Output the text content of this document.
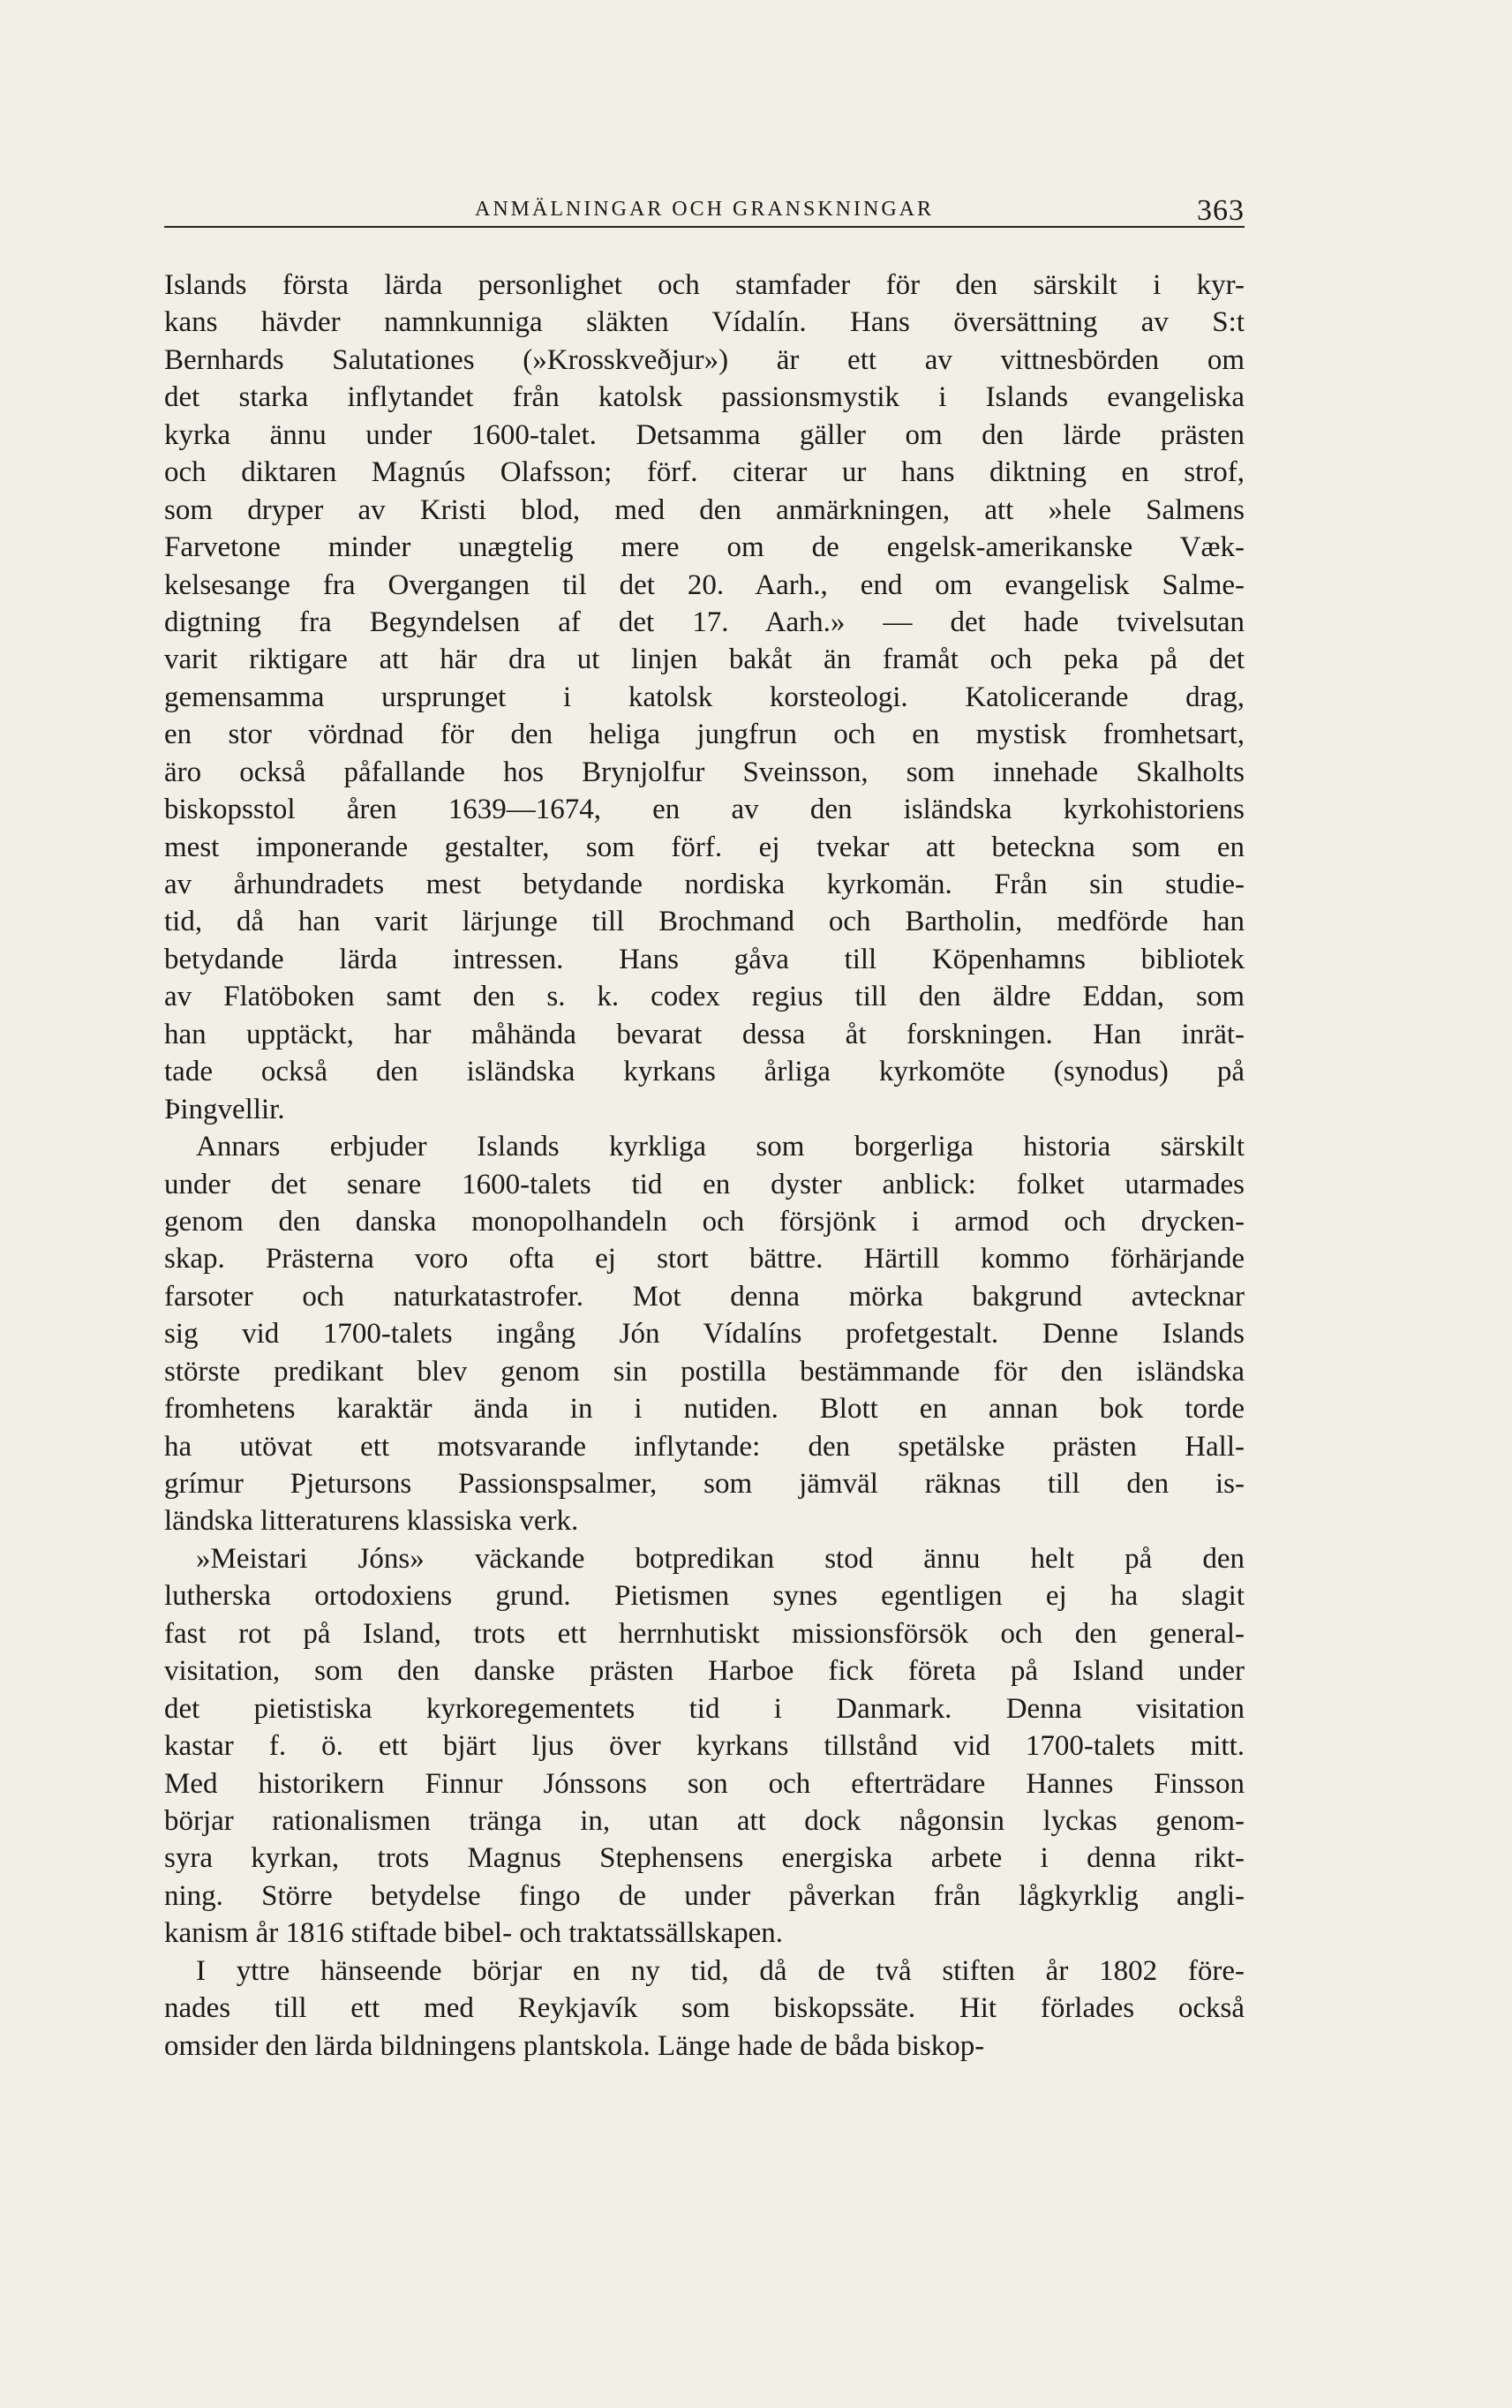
ANMÄLNINGAR OCH GRANSKNINGAR	363
Islands första lärda personlighet och stamfader för den särskilt i kyr-
kans hävder namnkunniga släkten Vídalín. Hans översättning av S:t
Bernhards Salutationes (»Krosskveðjur») är ett av vittnesbörden om
det starka inflytandet från katolsk passionsmystik i Islands evangeliska
kyrka ännu under 1600-talet. Detsamma gäller om den lärde prästen
och diktaren Magnús Olafsson; förf. citerar ur hans diktning en strof,
som dryper av Kristi blod, med den anmärkningen, att »hele Salmens
Farvetone minder unægtelig mere om de engelsk-amerikanske Væk-
kelsesange fra Overgangen til det 20. Aarh., end om evangelisk Salme-
digtning fra Begyndelsen af det 17. Aarh.» — det hade tvivelsutan
varit riktigare att här dra ut linjen bakåt än framåt och peka på det
gemensamma ursprunget i katolsk korsteologi. Katolicerande drag,
en stor vördnad för den heliga jungfrun och en mystisk fromhetsart,
äro också påfallande hos Brynjolfur Sveinsson, som innehade Skalholts
biskopsstol åren 1639—1674, en av den isländska kyrkohistoriens
mest imponerande gestalter, som förf. ej tvekar att beteckna som en
av århundradets mest betydande nordiska kyrkomän. Från sin studie-
tid, då han varit lärjunge till Brochmand och Bartholin, medförde han
betydande lärda intressen. Hans gåva till Köpenhamns bibliotek
av Flatöboken samt den s. k. codex regius till den äldre Eddan, som
han upptäckt, har måhända bevarat dessa åt forskningen. Han inrät-
tade också den isländska kyrkans årliga kyrkomöte (synodus) på
Þingvellir.
Annars erbjuder Islands kyrkliga som borgerliga historia särskilt
under det senare 1600-talets tid en dyster anblick: folket utarmades
genom den danska monopolhandeln och försjönk i armod och drycken-
skap. Prästerna voro ofta ej stort bättre. Härtill kommo förhärjande
farsoter och naturkatastrofer. Mot denna mörka bakgrund avtecknar
sig vid 1700-talets ingång Jón Vídalíns profetgestalt. Denne Islands
störste predikant blev genom sin postilla bestämmande för den isländska
fromhetens karaktär ända in i nutiden. Blott en annan bok torde
ha utövat ett motsvarande inflytande: den spetälske prästen Hall-
grímur Pjetursons Passionspsalmer, som jämväl räknas till den is-
ländska litteraturens klassiska verk.
»Meistari Jóns» väckande botpredikan stod ännu helt på den
lutherska ortodoxiens grund. Pietismen synes egentligen ej ha slagit
fast rot på Island, trots ett herrnhutiskt missionsförsök och den general-
visitation, som den danske prästen Harboe fick företa på Island under
det pietistiska kyrkoregementets tid i Danmark. Denna visitation
kastar f. ö. ett bjärt ljus över kyrkans tillstånd vid 1700-talets mitt.
Med historikern Finnur Jónssons son och efterträdare Hannes Finsson
börjar rationalismen tränga in, utan att dock någonsin lyckas genom-
syra kyrkan, trots Magnus Stephensens energiska arbete i denna rikt-
ning. Större betydelse fingo de under påverkan från lågkyrklig angli-
kanism år 1816 stiftade bibel- och traktatssällskapen.
I yttre hänseende börjar en ny tid, då de två stiften år 1802 före-
nades till ett med Reykjavík som biskopssäte. Hit förlades också
omsider den lärda bildningens plantskola. Länge hade de båda biskop-
